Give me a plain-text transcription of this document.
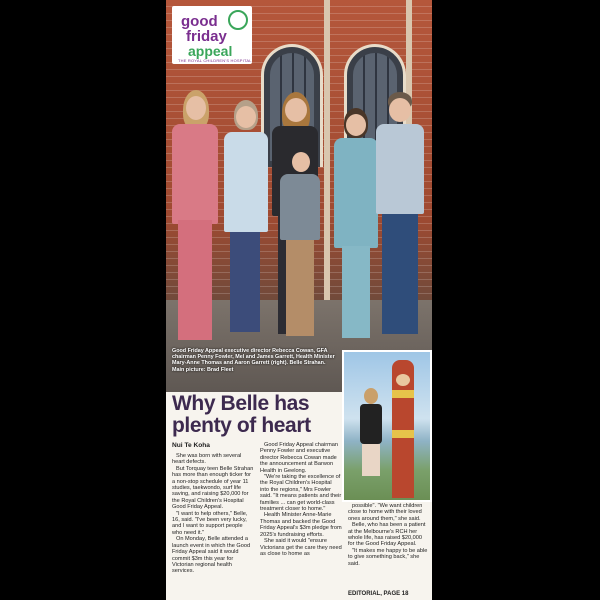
good
friday
appeal
THE ROYAL CHILDREN'S HOSPITAL
Good Friday Appeal executive director Rebecca Cowan, GFA chairman Penny Fowler, Mel and James Garrett, Health Minister Mary-Anne Thomas and Aaron Garrett (right). Belle Strahan. Main picture: Brad Fleet
Why Belle has plenty of heart
Nui Te Koha

She was born with several heart defects.

But Torquay teen Belle Strahan has more than enough ticker for a non-stop schedule of year 11 studies, taekwondo, surf life saving, and raising $20,000 for the Royal Children's Hospital Good Friday Appeal.

"I want to help others," Belle, 16, said. "I've been very lucky, and I want to support people who need it."

On Monday, Belle attended a launch event in which the Good Friday Appeal said it would commit $3m this year for Victorian regional health services.

Good Friday Appeal chairman Penny Fowler and executive director Rebecca Cowan made the announcement at Barwon Health in Geelong.

"We're taking the excellence of the Royal Children's Hospital into the regions," Mrs Fowler said. "It means patients and their families ... can get world-class treatment closer to home."

Health Minister Anne-Marie Thomas and backed the Good Friday Appeal's $3m pledge from 2025's fundraising efforts.

She said it would "ensure Victorians get the care they need as close to home as

possible". "We want children close to home with their loved ones around them," she said.

Belle, who has been a patient at the Melbourne's RCH her whole life, has raised $20,000 for the Good Friday Appeal.

"It makes me happy to be able to give something back," she said.

EDITORIAL, PAGE 18
